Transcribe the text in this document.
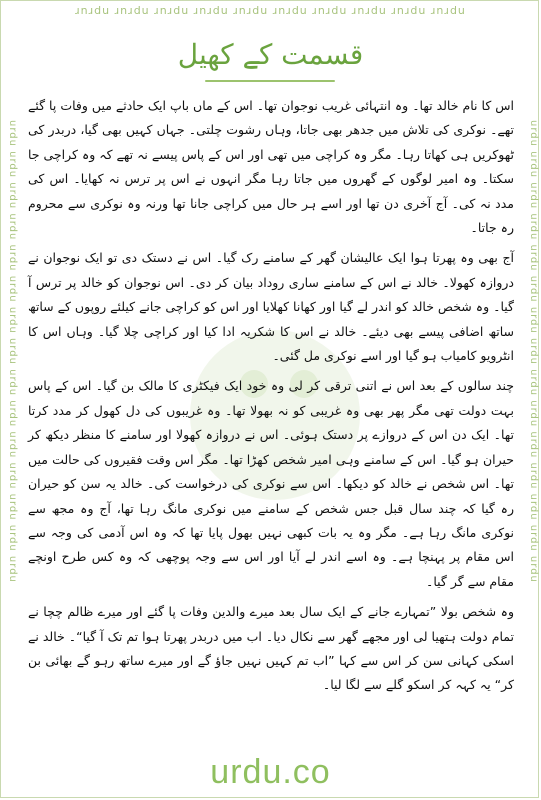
ɹnɹdu ɹnɹdu ɹnɹdu ɹnɹdu ɹnɹdu ɹnɹdu ɹnɹdu ɹnɹdu ɹnɹdu ɹnɹdu
urdu urdu urdu urdu urdu urdu urdu urdu urdu urdu urdu urdu urdu urdu urdu	urdu urdu urdu urdu urdu urdu urdu urdu urdu urdu urdu urdu urdu urdu urdu
قسمت کے کھیل

اس کا نام خالد تھا۔ وہ انتہائی غریب نوجوان تھا۔ اس کے ماں باپ ایک حادثے میں وفات پا گئے تھے۔ نوکری کی تلاش میں جدھر بھی جاتا، وہاں رشوت چلتی۔ جہاں کہیں بھی گیا، دربدر کی ٹھوکریں ہی کھاتا رہا۔ مگر وہ کراچی میں تھی اور اس کے پاس پیسے نہ تھے کہ وہ کراچی جا سکتا۔ وہ امیر لوگوں کے گھروں میں جاتا رہا مگر انہوں نے اس پر ترس نہ کھایا۔ اس کی مدد نہ کی۔ آج آخری دن تھا اور اسے ہر حال میں کراچی جانا تھا ورنہ وہ نوکری سے محروم رہ جاتا۔

آج بھی وہ پھرتا ہوا ایک عالیشان گھر کے سامنے رک گیا۔ اس نے دستک دی تو ایک نوجوان نے دروازہ کھولا۔ خالد نے اس کے سامنے ساری روداد بیان کر دی۔ اس نوجوان کو خالد پر ترس آ گیا۔ وہ شخص خالد کو اندر لے گیا اور کھانا کھلایا اور اس کو کراچی جانے کیلئے روپوں کے ساتھ ساتھ اضافی پیسے بھی دیئے۔ خالد نے اس کا شکریہ ادا کیا اور کراچی چلا گیا۔ وہاں اس کا انٹرویو کامیاب ہو گیا اور اسے نوکری مل گئی۔

چند سالوں کے بعد اس نے اتنی ترقی کر لی وہ خود ایک فیکٹری کا مالک بن گیا۔ اس کے پاس بہت دولت تھی مگر پھر بھی وہ غریبی کو نہ بھولا تھا۔ وہ غریبوں کی دل کھول کر مدد کرتا تھا۔ ایک دن اس کے دروازے پر دستک ہوئی۔ اس نے دروازہ کھولا اور سامنے کا منظر دیکھ کر حیران ہو گیا۔ اس کے سامنے وہی امیر شخص کھڑا تھا۔ مگر اس وقت فقیروں کی حالت میں تھا۔ اس شخص نے خالد کو دیکھا۔ اس سے نوکری کی درخواست کی۔ خالد یہ سن کو حیران رہ گیا کہ چند سال قبل جس شخص کے سامنے میں نوکری مانگ رہا تھا، آج وہ مجھ سے نوکری مانگ رہا ہے۔ مگر وہ یہ بات کبھی نہیں بھول پایا تھا کہ وہ اس آدمی کی وجہ سے اس مقام پر پہنچا ہے۔ وہ اسے اندر لے آیا اور اس سے وجہ پوچھی کہ وہ کس طرح اونچے مقام سے گر گیا۔

وہ شخص بولا ”تمہارے جانے کے ایک سال بعد میرے والدین وفات پا گئے اور میرے ظالم چچا نے تمام دولت ہتھیا لی اور مجھے گھر سے نکال دیا۔ اب میں دربدر پھرتا ہوا تم تک آ گیا“۔ خالد نے اسکی کہانی سن کر اس سے کہا ”اب تم کہیں نہیں جاؤ گے اور میرے ساتھ رہو گے بھائی بن کر“ یہ کہہ کر اسکو گلے سے لگا لیا۔

urdu.co
